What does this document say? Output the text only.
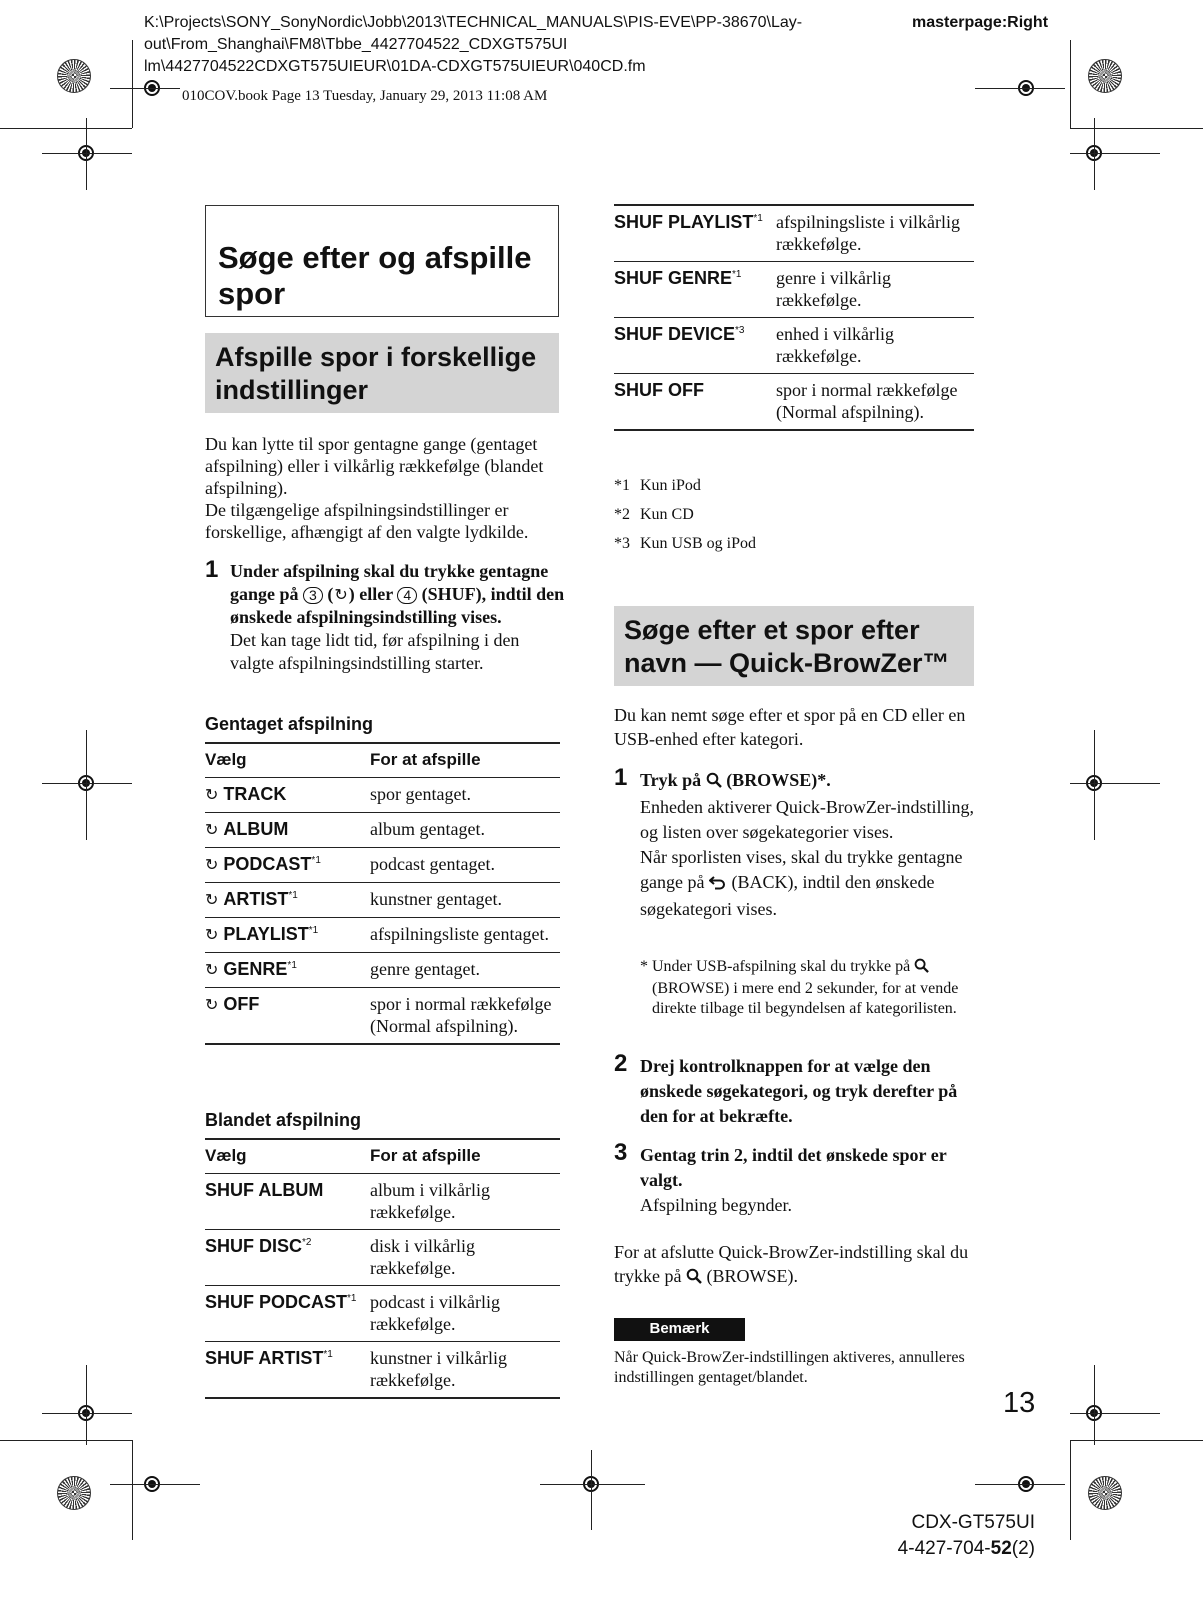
K:\Projects\SONY_SonyNordic\Jobb\2013\TECHNICAL_MANUALS\PIS-EVE\PP-38670\Lay-
out\From_Shanghai\FM8\Tbbe_4427704522_CDXGT575UI
lm\4427704522CDXGT575UIEUR\01DA-CDXGT575UIEUR\040CD.fm
masterpage:Right
010COV.book Page 13 Tuesday, January 29, 2013 11:08 AM
Søge efter og afspille spor
Afspille spor i forskellige indstillinger
Du kan lytte til spor gentagne gange (gentaget afspilning) eller i vilkårlig rækkefølge (blandet afspilning).
De tilgængelige afspilningsindstillinger er forskellige, afhængigt af den valgte lydkilde.
1 Under afspilning skal du trykke gentagne gange på 3 (↻) eller 4 (SHUF), indtil den ønskede afspilningsindstilling vises.
Det kan tage lidt tid, før afspilning i den valgte afspilningsindstilling starter.
Gentaget afspilning
Vælg	For at afspille
↻ TRACK	spor gentaget.
↻ ALBUM	album gentaget.
↻ PODCAST$^{*1}$	podcast gentaget.
↻ ARTIST$^{*1}$	kunstner gentaget.
↻ PLAYLIST$^{*1}$	afspilningsliste gentaget.
↻ GENRE$^{*1}$	genre gentaget.
↻ OFF	spor i normal rækkefølge (Normal afspilning).
Blandet afspilning
Vælg	For at afspille
SHUF ALBUM	album i vilkårlig rækkefølge.
SHUF DISC$^{*2}$	disk i vilkårlig rækkefølge.
SHUF PODCAST$^{*1}$	podcast i vilkårlig rækkefølge.
SHUF ARTIST$^{*1}$	kunstner i vilkårlig rækkefølge.
SHUF PLAYLIST$^{*1}$	afspilningsliste i vilkårlig rækkefølge.
SHUF GENRE$^{*1}$	genre i vilkårlig rækkefølge.
SHUF DEVICE$^{*3}$	enhed i vilkårlig rækkefølge.
SHUF OFF	spor i normal rækkefølge (Normal afspilning).
*1 Kun iPod
*2 Kun CD
*3 Kun USB og iPod
Søge efter et spor efter navn — Quick-BrowZer™
Du kan nemt søge efter et spor på en CD eller en USB-enhed efter kategori.
1 Tryk på (BROWSE)*.
Enheden aktiverer Quick-BrowZer-indstilling, og listen over søgekategorier vises.
Når sporlisten vises, skal du trykke gentagne gange på (BACK), indtil den ønskede søgekategori vises.
* Under USB-afspilning skal du trykke på  (BROWSE) i mere end 2 sekunder, for at vende direkte tilbage til begyndelsen af kategorilisten.
2 Drej kontrolknappen for at vælge den ønskede søgekategori, og tryk derefter på den for at bekræfte.
3 Gentag trin 2, indtil det ønskede spor er valgt.
Afspilning begynder.
For at afslutte Quick-BrowZer-indstilling skal du trykke på (BROWSE).
Bemærk
Når Quick-BrowZer-indstillingen aktiveres, annulleres indstillingen gentaget/blandet.
13
CDX-GT575UI
4-427-704-52(2)
